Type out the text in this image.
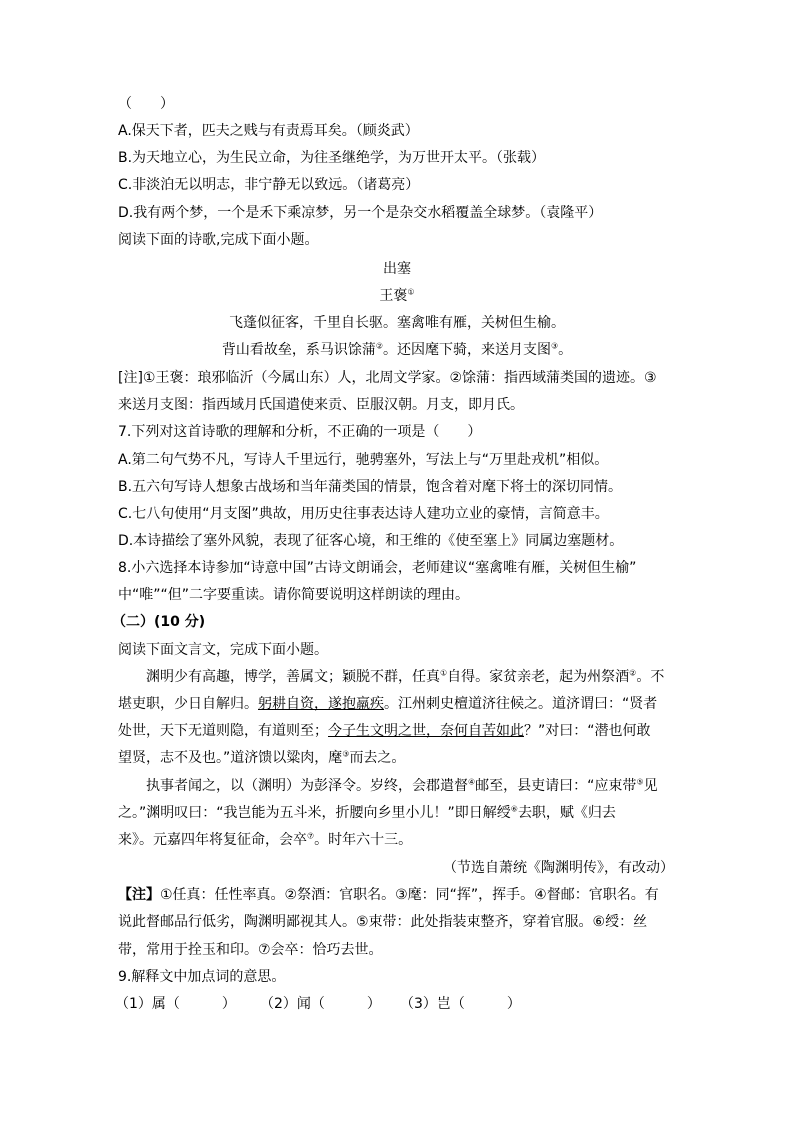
（　　）
A.保天下者，匹夫之贱与有责焉耳矣。（顾炎武）
B.为天地立心，为生民立命，为往圣继绝学，为万世开太平。（张载）
C.非淡泊无以明志，非宁静无以致远。（诸葛亮）
D.我有两个梦，一个是禾下乘凉梦，另一个是杂交水稻覆盖全球梦。（袁隆平）
阅读下面的诗歌,完成下面小题。
出塞
王褒①
飞蓬似征客，千里自长驱。塞禽唯有雁，关树但生榆。
背山看故垒，系马识馀蒲②。还因麾下骑，来送月支图③。
[注]①王褒：琅邪临沂（今属山东）人，北周文学家。②馀蒲：指西域蒲类国的遗迹。③
来送月支图：指西域月氏国遣使来贡、臣服汉朝。月支，即月氏。
7.下列对这首诗歌的理解和分析，不正确的一项是（　　）
A.第二句气势不凡，写诗人千里远行，驰骋塞外，写法上与“万里赴戎机”相似。
B.五六句写诗人想象古战场和当年蒲类国的情景，饱含着对麾下将士的深切同情。
C.七八句使用“月支图”典故，用历史往事表达诗人建功立业的豪情，言简意丰。
D.本诗描绘了塞外风貌，表现了征客心境，和王维的《使至塞上》同属边塞题材。
8.小六选择本诗参加“诗意中国”古诗文朗诵会，老师建议“塞禽唯有雁，关树但生榆”
中“唯”“但”二字要重读。请你简要说明这样朗读的理由。
（二）(10 分)
阅读下面文言文，完成下面小题。
渊明少有高趣，博学，善属文；颖脱不群，任真①自得。家贫亲老，起为州祭酒②。不
堪吏职，少日自解归。躬耕自资，遂抱羸疾。江州刺史檀道济往候之。道济谓曰：“贤者
处世，天下无道则隐，有道则至；今子生文明之世，奈何自苦如此？”对曰：“潜也何敢
望贤，志不及也。”道济馈以粱肉，麾③而去之。
执事者闻之，以（渊明）为彭泽令。岁终，会郡遣督④邮至，县吏请曰：“应束带⑤见
之。”渊明叹曰：“我岂能为五斗米，折腰向乡里小儿！”即日解绶⑥去职，赋《归去
来》。元嘉四年将复征命，会卒⑦。时年六十三。
（节选自萧统《陶渊明传》，有改动）
【注】①任真：任性率真。②祭酒：官职名。③麾：同“挥”，挥手。④督邮：官职名。有
说此督邮品行低劣，陶渊明鄙视其人。⑤束带：此处指装束整齐，穿着官服。⑥绶：丝
带，常用于拴玉和印。⑦会卒：恰巧去世。
9.解释文中加点词的意思。
（1）属（　　　） （2）闻（　　　） （3）岂（　　　）
